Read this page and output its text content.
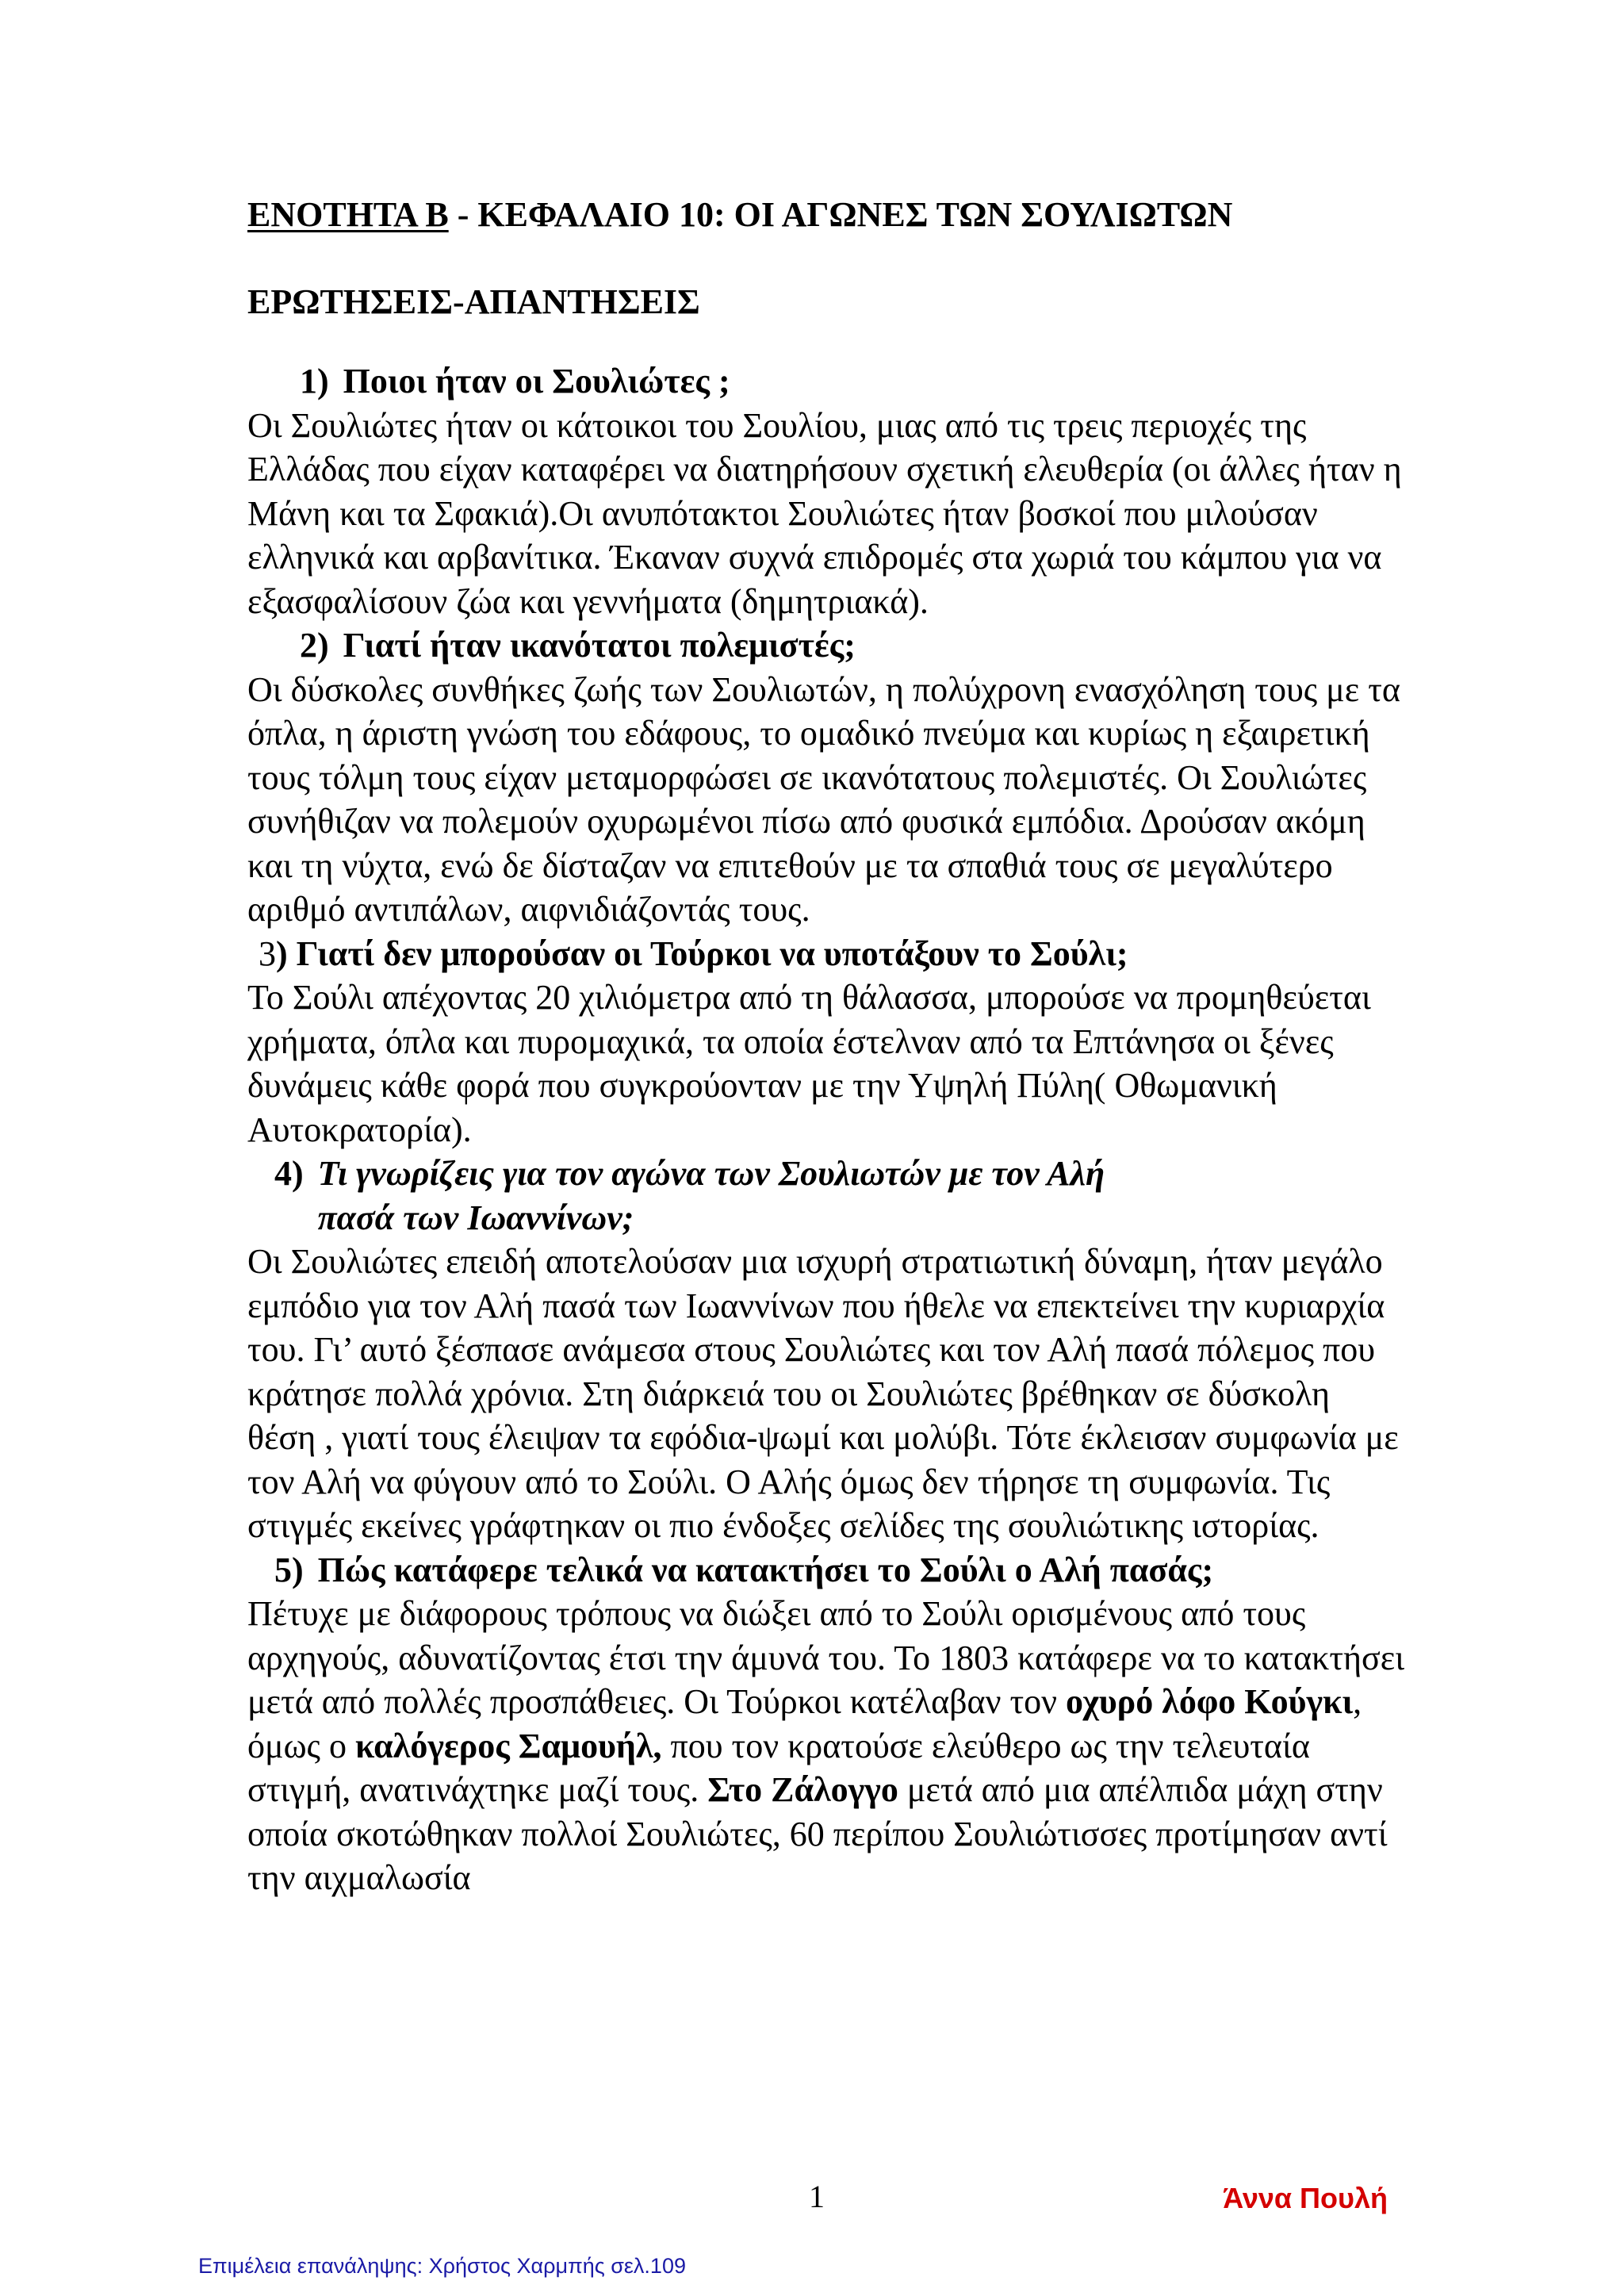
ΕΝΟΤΗΤΑ Β - ΚΕΦΑΛΑΙΟ 10: ΟΙ ΑΓΩΝΕΣ ΤΩΝ ΣΟΥΛΙΩΤΩΝ
ΕΡΩΤΗΣΕΙΣ-ΑΠΑΝΤΗΣΕΙΣ

1) Ποιοι ήταν οι Σουλιώτες ;

Οι Σουλιώτες ήταν οι κάτοικοι του Σουλίου, μιας από τις τρεις περιοχές της Ελλάδας που είχαν καταφέρει να διατηρήσουν σχετική ελευθερία (οι άλλες ήταν η Μάνη και τα Σφακιά).Οι ανυπότακτοι Σουλιώτες ήταν βοσκοί που μιλούσαν ελληνικά και αρβανίτικα. Έκαναν συχνά επιδρομές στα χωριά του κάμπου για να εξασφαλίσουν ζώα και γεννήματα (δημητριακά).

2) Γιατί ήταν ικανότατοι πολεμιστές;

Οι δύσκολες συνθήκες ζωής των Σουλιωτών, η πολύχρονη ενασχόληση τους με τα όπλα, η άριστη γνώση του εδάφους, το ομαδικό πνεύμα και κυρίως η εξαιρετική τους τόλμη τους είχαν μεταμορφώσει σε ικανότατους πολεμιστές. Οι Σουλιώτες συνήθιζαν να πολεμούν οχυρωμένοι πίσω από φυσικά εμπόδια. Δρούσαν ακόμη και τη νύχτα, ενώ δε δίσταζαν να επιτεθούν με τα σπαθιά τους σε μεγαλύτερο αριθμό αντιπάλων, αιφνιδιάζοντάς τους.

3) Γιατί δεν μπορούσαν οι Τούρκοι να υποτάξουν το Σούλι;

Το Σούλι απέχοντας 20 χιλιόμετρα από τη θάλασσα, μπορούσε να προμηθεύεται χρήματα, όπλα και πυρομαχικά, τα οποία έστελναν από τα Επτάνησα οι ξένες δυνάμεις κάθε φορά που συγκρούονταν με την Υψηλή Πύλη( Οθωμανική Αυτοκρατορία).

4) Τι γνωρίζεις για τον αγώνα των Σουλιωτών με τον Αλή πασά των Ιωαννίνων;

Οι Σουλιώτες επειδή αποτελούσαν μια ισχυρή στρατιωτική δύναμη, ήταν μεγάλο εμπόδιο για τον Αλή πασά των Ιωαννίνων που ήθελε να επεκτείνει την κυριαρχία του. Γι’ αυτό ξέσπασε ανάμεσα στους Σουλιώτες και τον Αλή πασά πόλεμος που κράτησε πολλά χρόνια. Στη διάρκειά του οι Σουλιώτες βρέθηκαν σε δύσκολη θέση , γιατί τους έλειψαν τα εφόδια-ψωμί και μολύβι. Τότε έκλεισαν συμφωνία με τον Αλή να φύγουν από το Σούλι. Ο Αλής όμως δεν τήρησε τη συμφωνία. Τις στιγμές εκείνες γράφτηκαν οι πιο ένδοξες σελίδες της σουλιώτικης ιστορίας.

5) Πώς κατάφερε τελικά να κατακτήσει το Σούλι ο Αλή πασάς;

Πέτυχε με διάφορους τρόπους να διώξει από το Σούλι ορισμένους από τους αρχηγούς, αδυνατίζοντας έτσι την άμυνά του. Το 1803 κατάφερε να το κατακτήσει μετά από πολλές προσπάθειες. Οι Τούρκοι κατέλαβαν τον οχυρό λόφο Κούγκι, όμως ο καλόγερος Σαμουήλ, που τον κρατούσε ελεύθερο ως την τελευταία στιγμή, ανατινάχτηκε μαζί τους. Στο Ζάλογγο μετά από μια απέλπιδα μάχη στην οποία σκοτώθηκαν πολλοί Σουλιώτες, 60 περίπου Σουλιώτισσες προτίμησαν αντί την αιχμαλωσία

1	Άννα Πουλή
Επιμέλεια επανάληψης: Χρήστος Χαρμπής σελ.109
